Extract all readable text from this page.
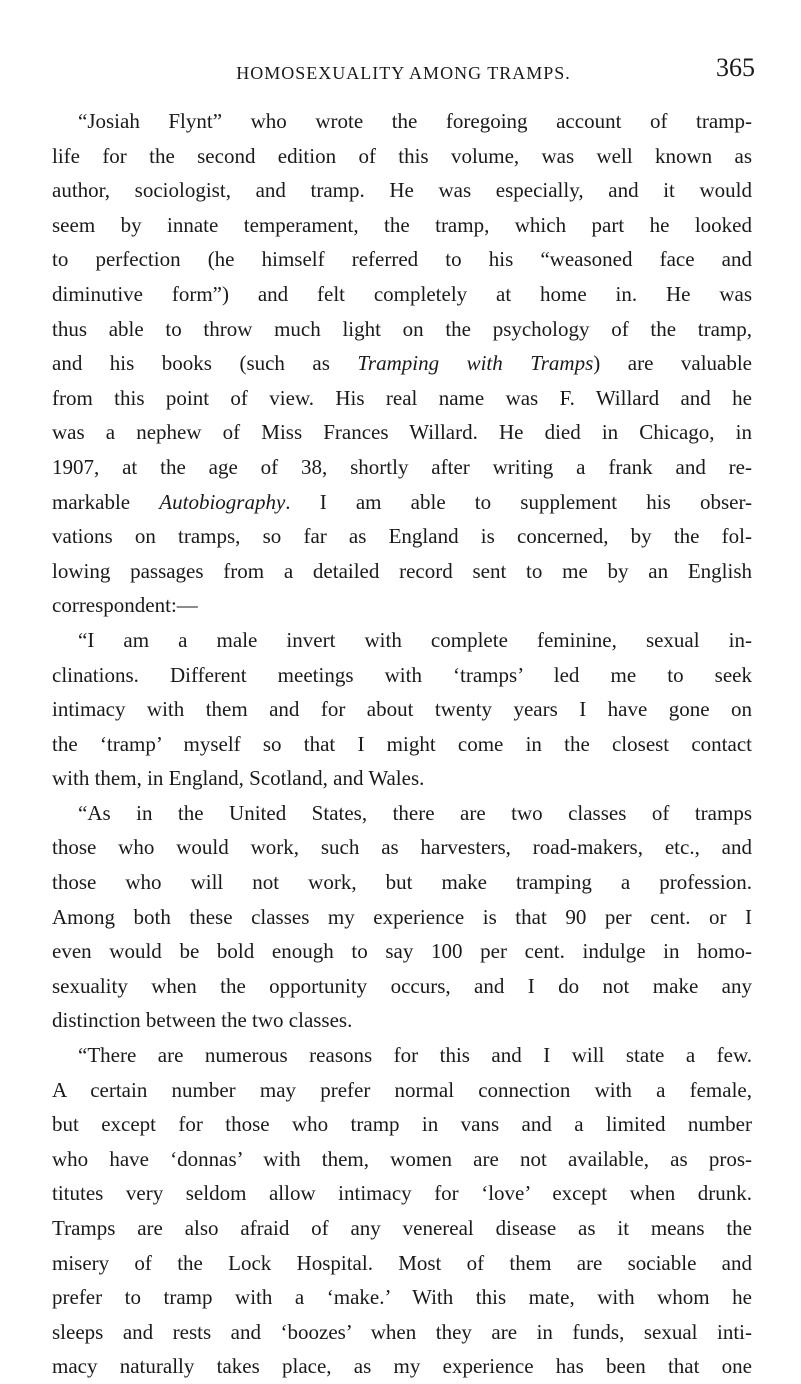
HOMOSEXUALITY AMONG TRAMPS.	365
“Josiah Flynt” who wrote the foregoing account of tramp-
life for the second edition of this volume, was well known as
author, sociologist, and tramp. He was especially, and it would
seem by innate temperament, the tramp, which part he looked
to perfection (he himself referred to his “weasoned face and
diminutive form”) and felt completely at home in. He was
thus able to throw much light on the psychology of the tramp,
and his books (such as Tramping with Tramps) are valuable
from this point of view. His real name was F. Willard and he
was a nephew of Miss Frances Willard. He died in Chicago, in
1907, at the age of 38, shortly after writing a frank and re-
markable Autobiography. I am able to supplement his obser-
vations on tramps, so far as England is concerned, by the fol-
lowing passages from a detailed record sent to me by an English
correspondent:—
“I am a male invert with complete feminine, sexual in-
clinations. Different meetings with ‘tramps’ led me to seek
intimacy with them and for about twenty years I have gone on
the ‘tramp’ myself so that I might come in the closest contact
with them, in England, Scotland, and Wales.
“As in the United States, there are two classes of tramps
those who would work, such as harvesters, road-makers, etc., and
those who will not work, but make tramping a profession.
Among both these classes my experience is that 90 per cent. or I
even would be bold enough to say 100 per cent. indulge in homo-
sexuality when the opportunity occurs, and I do not make any
distinction between the two classes.
“There are numerous reasons for this and I will state a few.
A certain number may prefer normal connection with a female,
but except for those who tramp in vans and a limited number
who have ‘donnas’ with them, women are not available, as pros-
titutes very seldom allow intimacy for ‘love’ except when drunk.
Tramps are also afraid of any venereal disease as it means the
misery of the Lock Hospital. Most of them are sociable and
prefer to tramp with a ‘make.’ With this mate, with whom he
sleeps and rests and ‘boozes’ when they are in funds, sexual inti-
macy naturally takes place, as my experience has been that one
